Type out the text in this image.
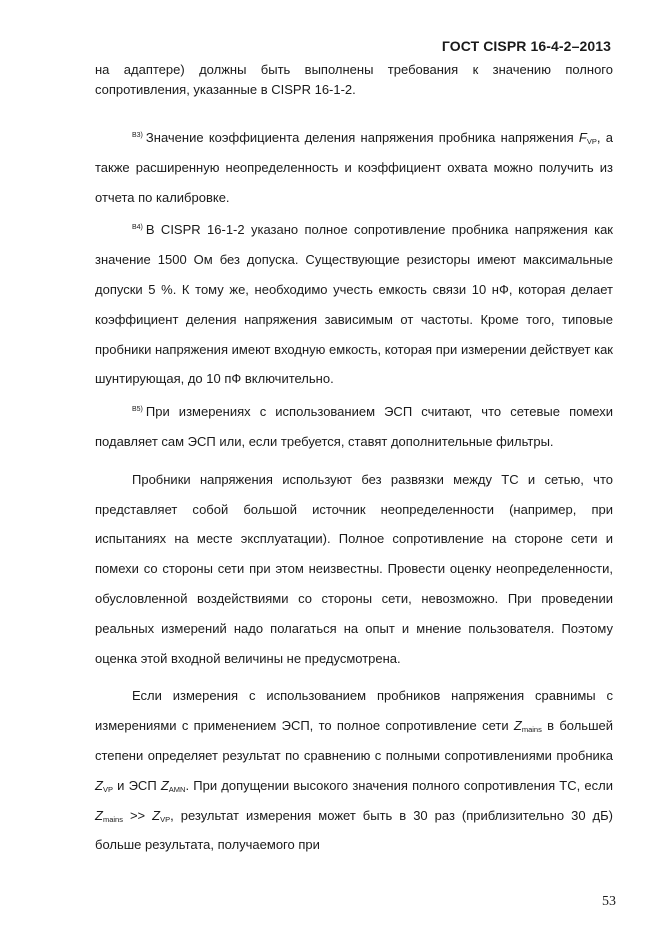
ГОСТ CISPR 16-4-2–2013

на адаптере) должны быть выполнены требования к значению полного сопротивления, указанные в CISPR 16-1-2.

$^{B3)}$ Значение коэффициента деления напряжения пробника напряжения $F_{VP}$, а также расширенную неопределенность и коэффициент охвата можно получить из отчета по калибровке.

$^{B4)}$ В CISPR 16-1-2 указано полное сопротивление пробника напряжения как значение 1500 Ом без допуска. Существующие резисторы имеют максимальные допуски 5 %. К тому же, необходимо учесть емкость связи 10 нФ, которая делает коэффициент деления напряжения зависимым от частоты. Кроме того, типовые пробники напряжения имеют входную емкость, которая при измерении действует как шунтирующая, до 10 пФ включительно.

$^{B5)}$ При измерениях с использованием ЭСП считают, что сетевые помехи подавляет сам ЭСП или, если требуется, ставят дополнительные фильтры.

Пробники напряжения используют без развязки между ТС и сетью, что представляет собой большой источник неопределенности (например, при испытаниях на месте эксплуатации). Полное сопротивление на стороне сети и помехи со стороны сети при этом неизвестны. Провести оценку неопределенности, обусловленной воздействиями со стороны сети, невозможно. При проведении реальных измерений надо полагаться на опыт и мнение пользователя. Поэтому оценка этой входной величины не предусмотрена.

Если измерения с использованием пробников напряжения сравнимы с измерениями с применением ЭСП, то полное сопротивление сети $Z_{mains}$ в большей степени определяет результат по сравнению с полными сопротивлениями пробника $Z_{VP}$ и ЭСП $Z_{AMN}$. При допущении высокого значения полного сопротивления ТС, если $Z_{mains} >> Z_{VP}$, результат измерения может быть в 30 раз (приблизительно 30 дБ) больше результата, получаемого при

53
